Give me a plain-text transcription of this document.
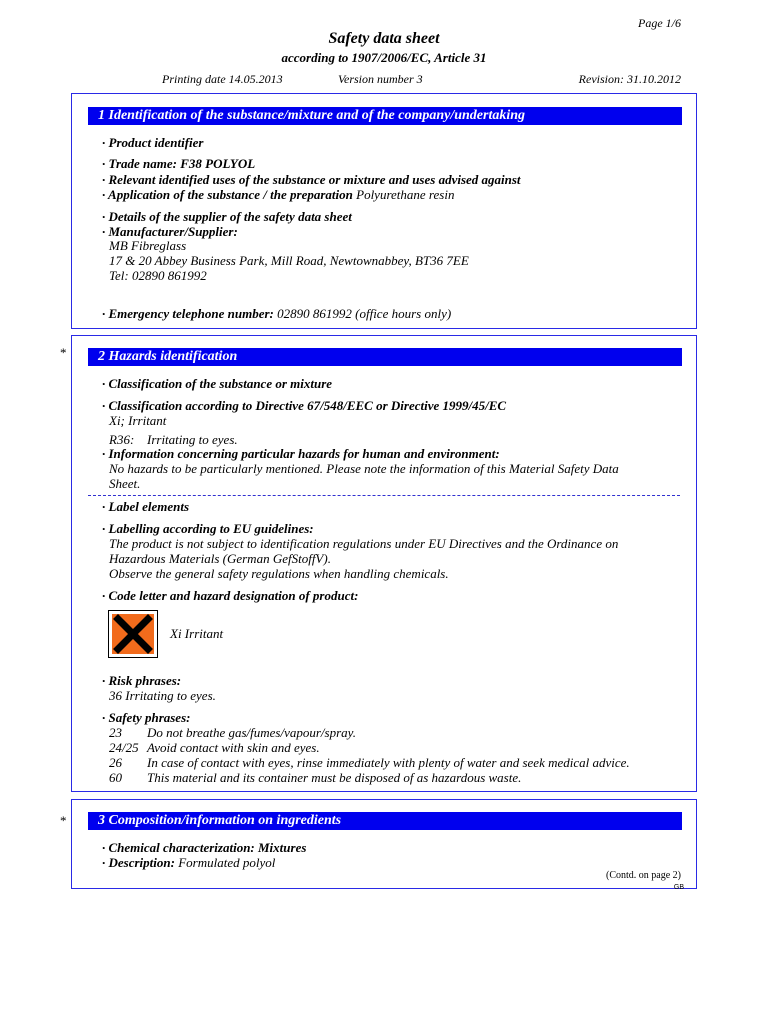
Page 1/6
Safety data sheet
according to 1907/2006/EC, Article 31
Printing date 14.05.2013	Version number 3	Revision: 31.10.2012
1 Identification of the substance/mixture and of the company/undertaking
· Product identifier
· Trade name: F38 POLYOL
· Relevant identified uses of the substance or mixture and uses advised against
· Application of the substance / the preparation Polyurethane resin
· Details of the supplier of the safety data sheet
· Manufacturer/Supplier:
MB Fibreglass
17 & 20 Abbey Business Park, Mill Road, Newtownabbey, BT36 7EE
Tel: 02890 861992
· Emergency telephone number: 02890 861992 (office hours only)
*	2 Hazards identification
· Classification of the substance or mixture
· Classification according to Directive 67/548/EEC or Directive 1999/45/EC
Xi; Irritant
R36: Irritating to eyes.
· Information concerning particular hazards for human and environment:
No hazards to be particularly mentioned. Please note the information of this Material Safety Data
Sheet.
· Label elements
· Labelling according to EU guidelines:
The product is not subject to identification regulations under EU Directives and the Ordinance on
Hazardous Materials (German GefStoffV).
Observe the general safety regulations when handling chemicals.
· Code letter and hazard designation of product:
Xi Irritant
· Risk phrases:
36 Irritating to eyes.
· Safety phrases:
23 Do not breathe gas/fumes/vapour/spray.
24/25 Avoid contact with skin and eyes.
26 In case of contact with eyes, rinse immediately with plenty of water and seek medical advice.
60 This material and its container must be disposed of as hazardous waste.
*	3 Composition/information on ingredients
· Chemical characterization: Mixtures
· Description: Formulated polyol
(Contd. on page 2)
GB
